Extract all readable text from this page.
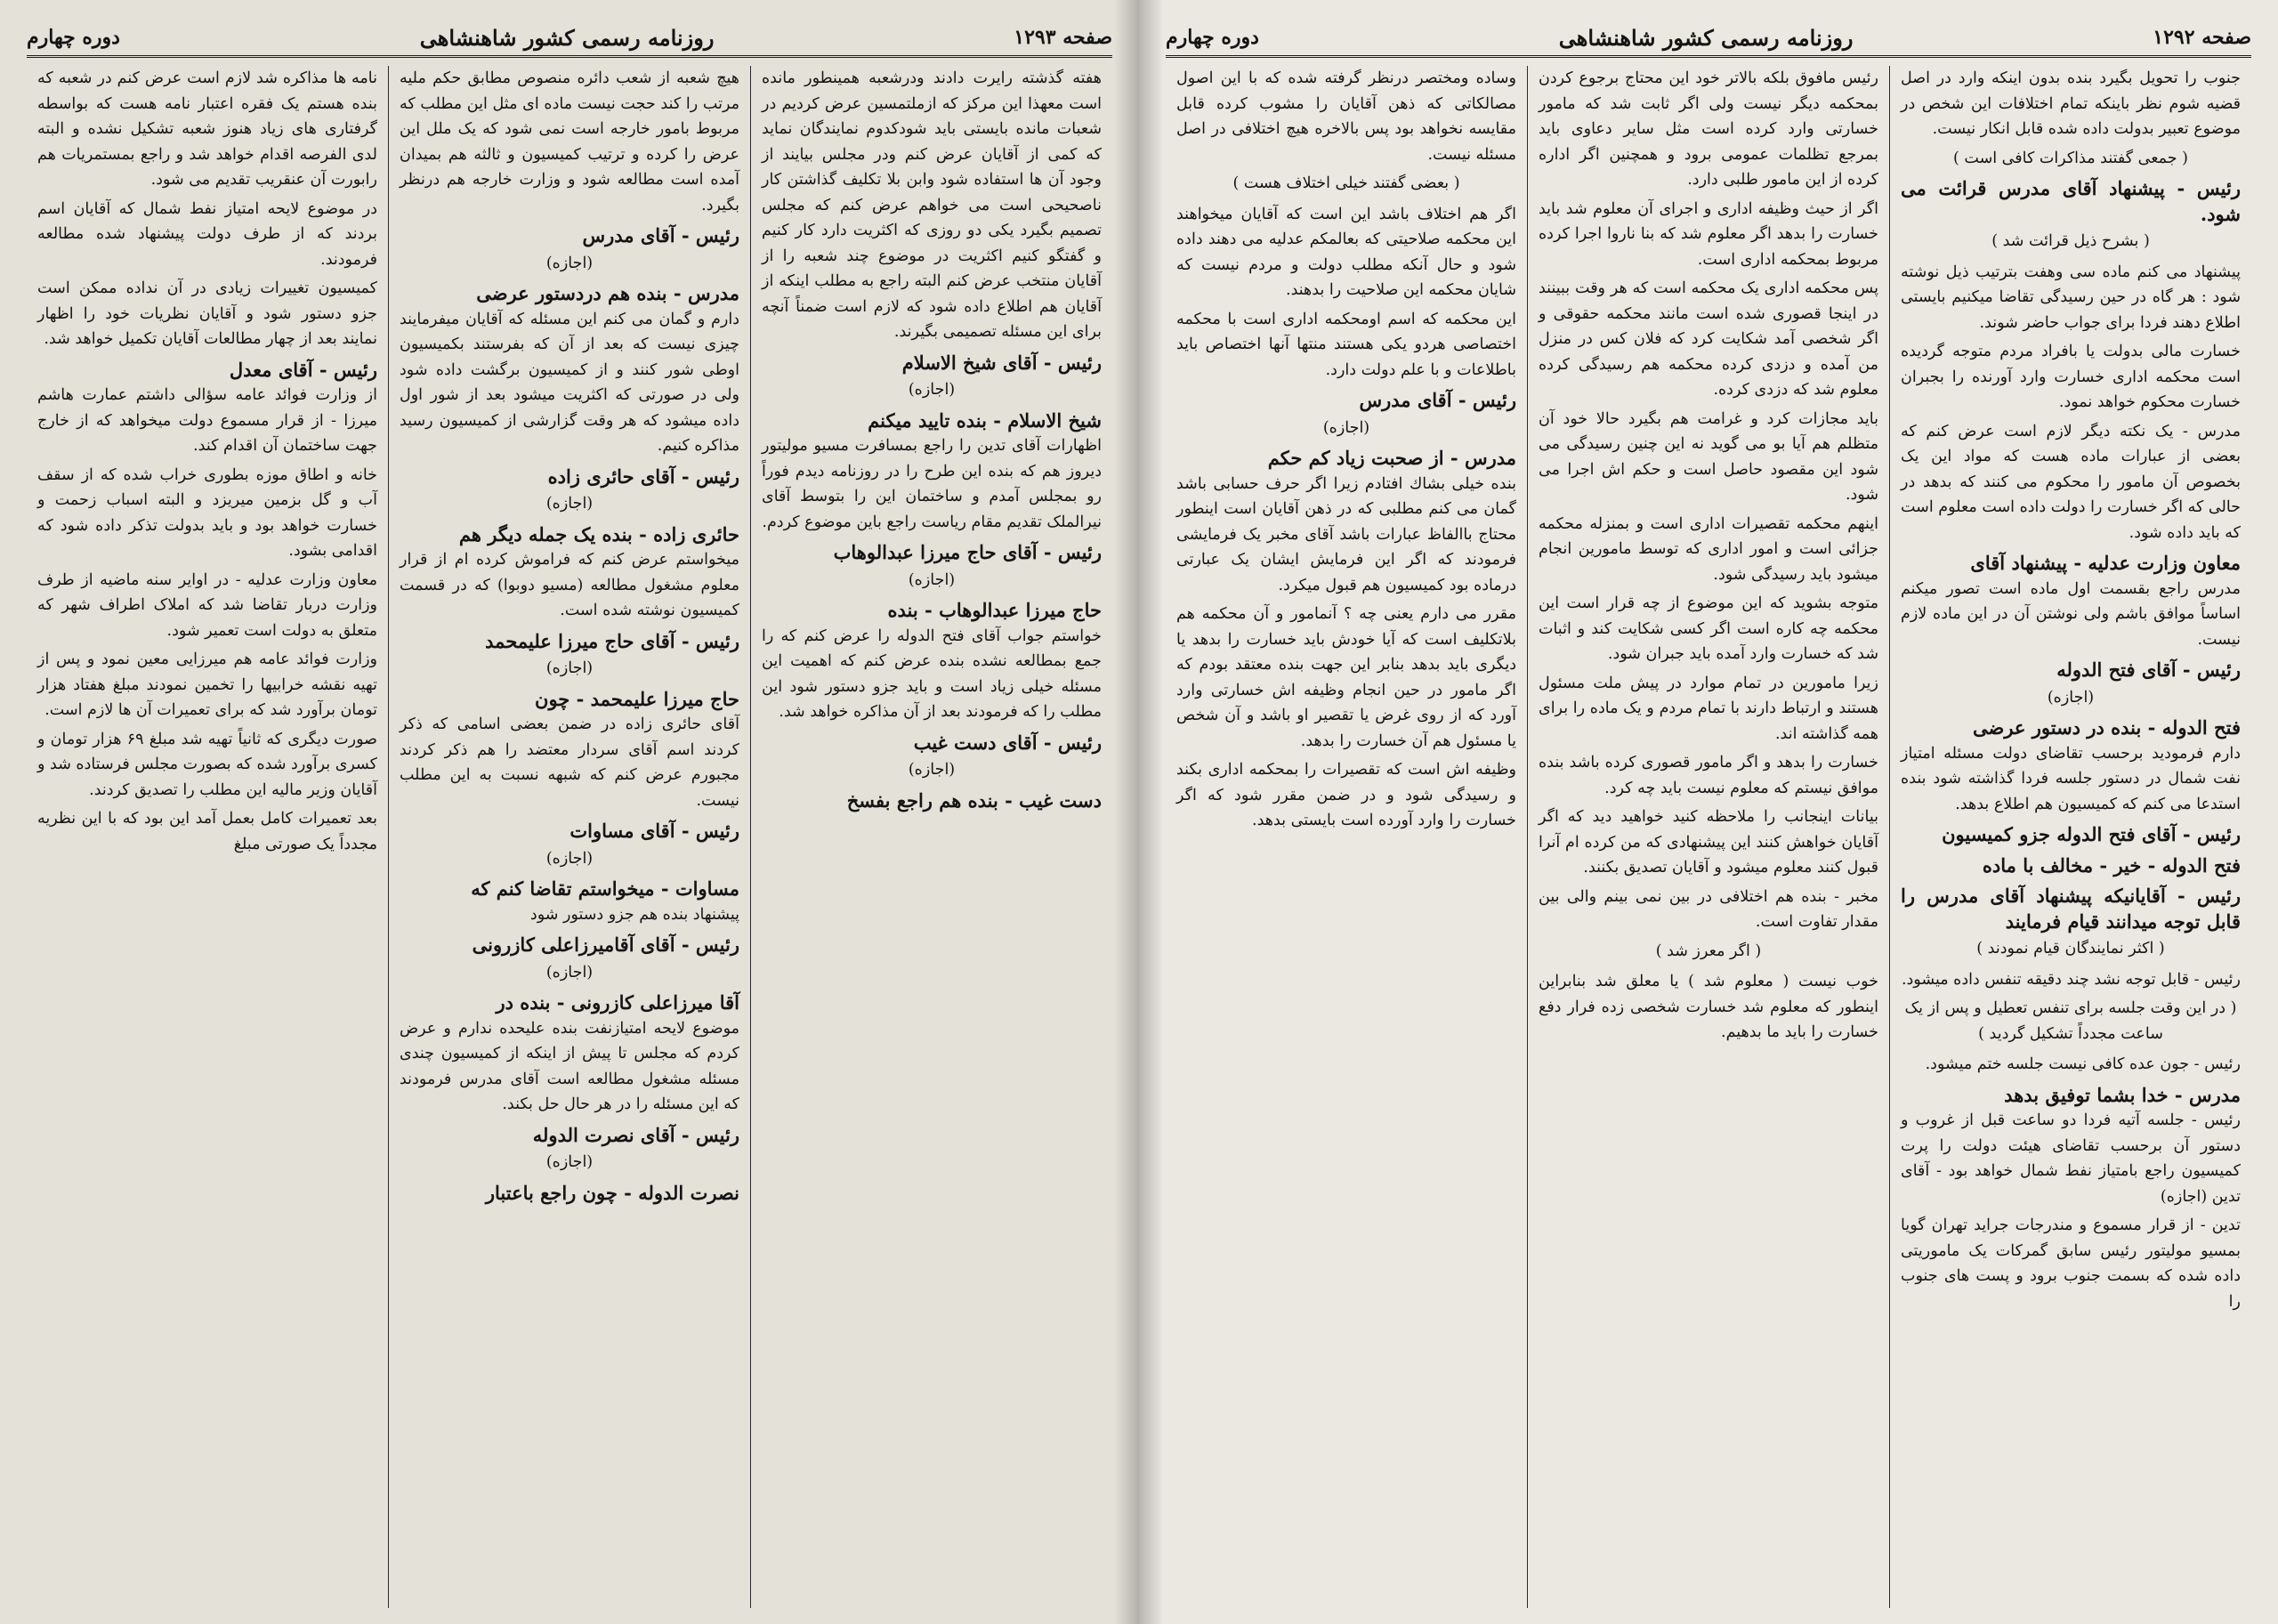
صفحه ۱۲۹۳
روزنامه رسمی کشور شاهنشاهی
دوره چهارم

هفته گذشته رایرت دادند ودرشعبه همینطور مانده است معهذا این مرکز که ازملتمسین عرض کردیم در شعبات مانده بایستی باید شودکدوم نمایندگان نماید که کمی از آقایان عرض کنم ودر مجلس بیایند از وجود آن ها استفاده شود وابن بلا تکلیف گذاشتن کار ناصحیحی است می خواهم عرض کنم که مجلس تصمیم بگیرد یکی دو روزی که اکثریت دارد کار کنیم و گفتگو کنیم اکثریت در موضوع چند شعبه را از آقایان منتخب عرض کنم البته راجع به مطلب اینکه از آقایان هم اطلاع داده شود که لازم است ضمناً آنچه برای این مسئله تصمیمی بگیرند.

رئیس - آقای شیخ الاسلام
(اجازه)
شیخ الاسلام - بنده تایید میکنم

اظهارات آقای تدین را راجع بمسافرت مسیو مولیتور دیروز هم که بنده این طرح را در روزنامه دیدم فوراً رو بمجلس آمدم و ساختمان این را بتوسط آقای نیرالملک تقدیم مقام ریاست راجع باین موضوع کردم.

رئیس - آقای حاج میرزا عبدالوهاب
(اجازه)
حاج میرزا عبدالوهاب - بنده

خواستم جواب آقای فتح الدوله را عرض کنم که را جمع بمطالعه نشده بنده عرض کنم که اهمیت این مسئله خیلی زیاد است و باید جزو دستور شود این مطلب را که فرمودند بعد از آن مذاکره خواهد شد.

رئیس - آقای دست غیب
(اجازه)
دست غیب - بنده هم راجع بفسخ

هیچ شعبه از شعب دائره منصوص مطابق حکم ملیه مرتب را کند حجت نیست ماده ای مثل این مطلب که مربوط بامور خارجه است نمی شود که یک ملل این عرض را کرده و ترتیب کمیسیون و ثالثه هم بمیدان آمده است مطالعه شود و وزارت خارجه هم درنظر بگیرد.

رئیس - آقای مدرس
(اجازه)
مدرس - بنده هم دردستور عرضی

دارم و گمان می کنم این مسئله که آقایان میفرمایند چیزی نیست که بعد از آن که بفرستند بکمیسیون اوطی شور کنند و از کمیسیون برگشت داده شود ولی در صورتی که اکثریت میشود بعد از شور اول داده میشود که هر وقت گزارشی از کمیسیون رسید مذاکره کنیم.

رئیس - آقای حائری زاده
(اجازه)
حائری زاده - بنده یک جمله دیگر هم

میخواستم عرض کنم که فراموش کرده ام از قرار معلوم مشغول مطالعه (مسیو دوبوا) که در قسمت کمیسیون نوشته شده است.

رئیس - آقای حاج میرزا علیمحمد
(اجازه)
حاج میرزا علیمحمد - چون

آقای حائری زاده در ضمن بعضی اسامی که ذکر کردند اسم آقای سردار معتضد را هم ذکر کردند مجبورم عرض کنم که شبهه نسبت به این مطلب نیست.

رئیس - آقای مساوات
(اجازه)
مساوات - میخواستم تقاضا کنم که

پیشنهاد بنده هم جزو دستور شود

رئیس - آقای آقامیرزاعلی کازرونی
(اجازه)
آقا میرزاعلی کازرونی - بنده در

موضوع لایحه امتیازنفت بنده علیحده ندارم و عرض کردم که مجلس تا پیش از اینکه از کمیسیون چندی مسئله مشغول مطالعه است آقای مدرس فرمودند که این مسئله را در هر حال حل بکند.

رئیس - آقای نصرت الدوله
(اجازه)
نصرت الدوله - چون راجع باعتبار

نامه ها مذاکره شد لازم است عرض کنم در شعبه که بنده هستم یک فقره اعتبار نامه هست که بواسطه گرفتاری های زیاد هنوز شعبه تشکیل نشده و البته لدى الفرصه اقدام خواهد شد و راجع بمستمریات هم رابورت آن عنقریب تقدیم می شود.

در موضوع لایحه امتیاز نفط شمال که آقایان اسم بردند که از طرف دولت پیشنهاد شده مطالعه فرمودند.

کمیسیون تغییرات زیادی در آن نداده ممکن است جزو دستور شود و آقایان نظریات خود را اظهار نمایند بعد از چهار مطالعات آقایان تکمیل خواهد شد.

رئیس - آقای معدل

از وزارت فوائد عامه سؤالی داشتم عمارت هاشم میرزا - از قرار مسموع دولت میخواهد که از خارج جهت ساختمان آن اقدام کند.

خانه و اطاق موزه بطوری خراب شده که از سقف آب و گل بزمین میریزد و البته اسباب زحمت و خسارت خواهد بود و باید بدولت تذکر داده شود که اقدامی بشود.

معاون وزارت عدلیه - در اوایر سنه ماضیه از طرف وزارت دربار تقاضا شد که املاک اطراف شهر که متعلق به دولت است تعمیر شود.

وزارت فوائد عامه هم میرزایی معین نمود و پس از تهیه نقشه خرابیها را تخمین نمودند مبلغ هفتاد هزار تومان برآورد شد که برای تعمیرات آن ها لازم است.

صورت دیگری که ثانیاً تهیه شد مبلغ ۶۹ هزار تومان و کسری برآورد شده که بصورت مجلس فرستاده شد و آقایان وزیر مالیه این مطلب را تصدیق کردند.

بعد تعمیرات کامل بعمل آمد این بود که با این نظریه مجدداً یک صورتی مبلغ

صفحه ۱۲۹۲
روزنامه رسمی کشور شاهنشاهی
دوره چهارم

جنوب را تحویل بگیرد بنده بدون اینکه وارد در اصل قضیه شوم نظر باینکه تمام اختلافات این شخص در موضوع تعبیر بدولت داده شده قابل انکار نیست.

( جمعی گفتند مذاکرات کافی است )
رئیس - پیشنهاد آقای مدرس قرائت می شود.
( بشرح ذیل قرائت شد )

پیشنهاد می کنم ماده سی وهفت بترتیب ذیل نوشته شود : هر گاه در حین رسیدگی تقاضا میکنیم بایستی اطلاع دهند فردا برای جواب حاضر شوند.

خسارت مالی بدولت یا بافراد مردم متوجه گردیده است محکمه اداری خسارت وارد آورنده را بجبران خسارت محکوم خواهد نمود.

مدرس - یک نکته دیگر لازم است عرض کنم که بعضی از عبارات ماده هست که مواد این یک بخصوص آن مامور را محکوم می کنند که بدهد در حالی که اگر خسارت را دولت داده است معلوم است که باید داده شود.

معاون وزارت عدلیه - پیشنهاد آقای

مدرس راجع بقسمت اول ماده است تصور میکنم اساساً موافق باشم ولی نوشتن آن در این ماده لازم نیست.

رئیس - آقای فتح الدوله
(اجازه)
فتح الدوله - بنده در دستور عرضی

دارم فرمودید برحسب تقاضای دولت مسئله امتیاز نفت شمال در دستور جلسه فردا گذاشته شود بنده استدعا می کنم که کمیسیون هم اطلاع بدهد.

رئیس - آقای فتح الدوله جزو کمیسیون
فتح الدوله - خیر - مخالف با ماده
رئیس - آقایانیکه پیشنهاد آقای مدرس را قابل توجه میدانند قیام فرمایند
( اکثر نمایندگان قیام نمودند )

رئیس - قابل توجه نشد چند دقیقه تنفس داده میشود.

( در این وقت جلسه برای تنفس تعطیل و پس از یک ساعت مجدداً تشکیل گردید )

رئیس - جون عده کافی نیست جلسه ختم میشود.

مدرس - خدا بشما توفیق بدهد

رئیس - جلسه آتیه فردا دو ساعت قبل از غروب و دستور آن برحسب تقاضای هیئت دولت را پرت کمیسیون راجع بامتیاز نفط شمال خواهد بود - آقای تدین (اجازه)

تدین - از قرار مسموع و مندرجات جراید تهران گویا بمسیو مولیتور رئیس سابق گمرکات یک ماموریتی داده شده که بسمت جنوب برود و پست های جنوب را

رئیس مافوق بلکه بالاتر خود این محتاج برجوع کردن بمحکمه دیگر نیست ولی اگر ثابت شد که مامور خسارتی وارد کرده است مثل سایر دعاوی باید بمرجع تظلمات عمومی برود و همچنین اگر اداره کرده از این مامور طلبی دارد.

اگر از حیث وظیفه اداری و اجرای آن معلوم شد باید خسارت را بدهد اگر معلوم شد که بنا ناروا اجرا کرده مربوط بمحکمه اداری است.

پس محکمه اداری یک محکمه است که هر وقت ببینند در اینجا قصوری شده است مانند محکمه حقوقی و اگر شخصی آمد شکایت کرد که فلان کس در منزل من آمده و دزدی کرده محکمه هم رسیدگی کرده معلوم شد که دزدی کرده.

باید مجازات کرد و غرامت هم بگیرد حالا خود آن متظلم هم آیا بو می گوید نه این چنین رسیدگی می شود این مقصود حاصل است و حکم اش اجرا می شود.

اینهم محکمه تقصیرات اداری است و بمنزله محکمه جزائی است و امور اداری که توسط مامورین انجام میشود باید رسیدگی شود.

متوجه بشوید که این موضوع از چه قرار است این محکمه چه کاره است اگر کسی شکایت کند و اثبات شد که خسارت وارد آمده باید جبران شود.

زیرا مامورین در تمام موارد در پیش ملت مسئول هستند و ارتباط دارند با تمام مردم و یک ماده را برای همه گذاشته اند.

خسارت را بدهد و اگر مامور قصوری کرده باشد بنده موافق نیستم که معلوم نیست باید چه کرد.

بیانات اینجانب را ملاحظه کنید خواهید دید که اگر آقایان خواهش کنند این پیشنهادی که من کرده ام آنرا قبول کنند معلوم میشود و آقایان تصدیق بکنند.

مخبر - بنده هم اختلافی در بین نمی بینم والی بین مقدار تفاوت است.

( اگر معرز شد )

خوب نیست ( معلوم شد ) یا معلق شد بنابراین اینطور که معلوم شد خسارت شخصی زده فرار دفع خسارت را باید ما بدهیم.

وساده ومختصر درنظر گرفته شده که با این اصول مصالکاتی که ذهن آقایان را مشوب کرده قابل مقایسه نخواهد بود پس بالاخره هیچ اختلافی در اصل مسئله نیست.

( بعضی گفتند خیلی اختلاف هست )

اگر هم اختلاف باشد این است که آقایان میخواهند این محکمه صلاحیتی که بعالمکم عدلیه می دهند داده شود و حال آنکه مطلب دولت و مردم نیست که شایان محکمه این صلاحیت را بدهند.

این محکمه که اسم اومحکمه اداری است با محکمه اختصاصی هردو یکی هستند منتها آنها اختصاص باید باطلاعات و با علم دولت دارد.

رئیس - آقای مدرس
(اجازه)
مدرس - از صحبت زیاد کم حکم

بنده خیلی بشاك افتادم زیرا اگر حرف حسابی باشد گمان می کنم مطلبی که در ذهن آقایان است اینطور محتاج باالفاظ عبارات باشد آقای مخبر یک فرمایشی فرمودند که اگر این فرمایش ایشان یک عبارتی درماده بود کمیسیون هم قبول میکرد.

مقرر می دارم یعنی چه ؟ آنمامور و آن محکمه هم بلاتکلیف است که آیا خودش باید خسارت را بدهد یا دیگری باید بدهد بنابر این جهت بنده معتقد بودم که اگر مامور در حین انجام وظیفه اش خسارتی وارد آورد که از روی غرض یا تقصیر او باشد و آن شخص یا مسئول هم آن خسارت را بدهد.

وظیفه اش است که تقصیرات را بمحکمه اداری بکند و رسیدگی شود و در ضمن مقرر شود که اگر خسارت را وارد آورده است بایستی بدهد.
